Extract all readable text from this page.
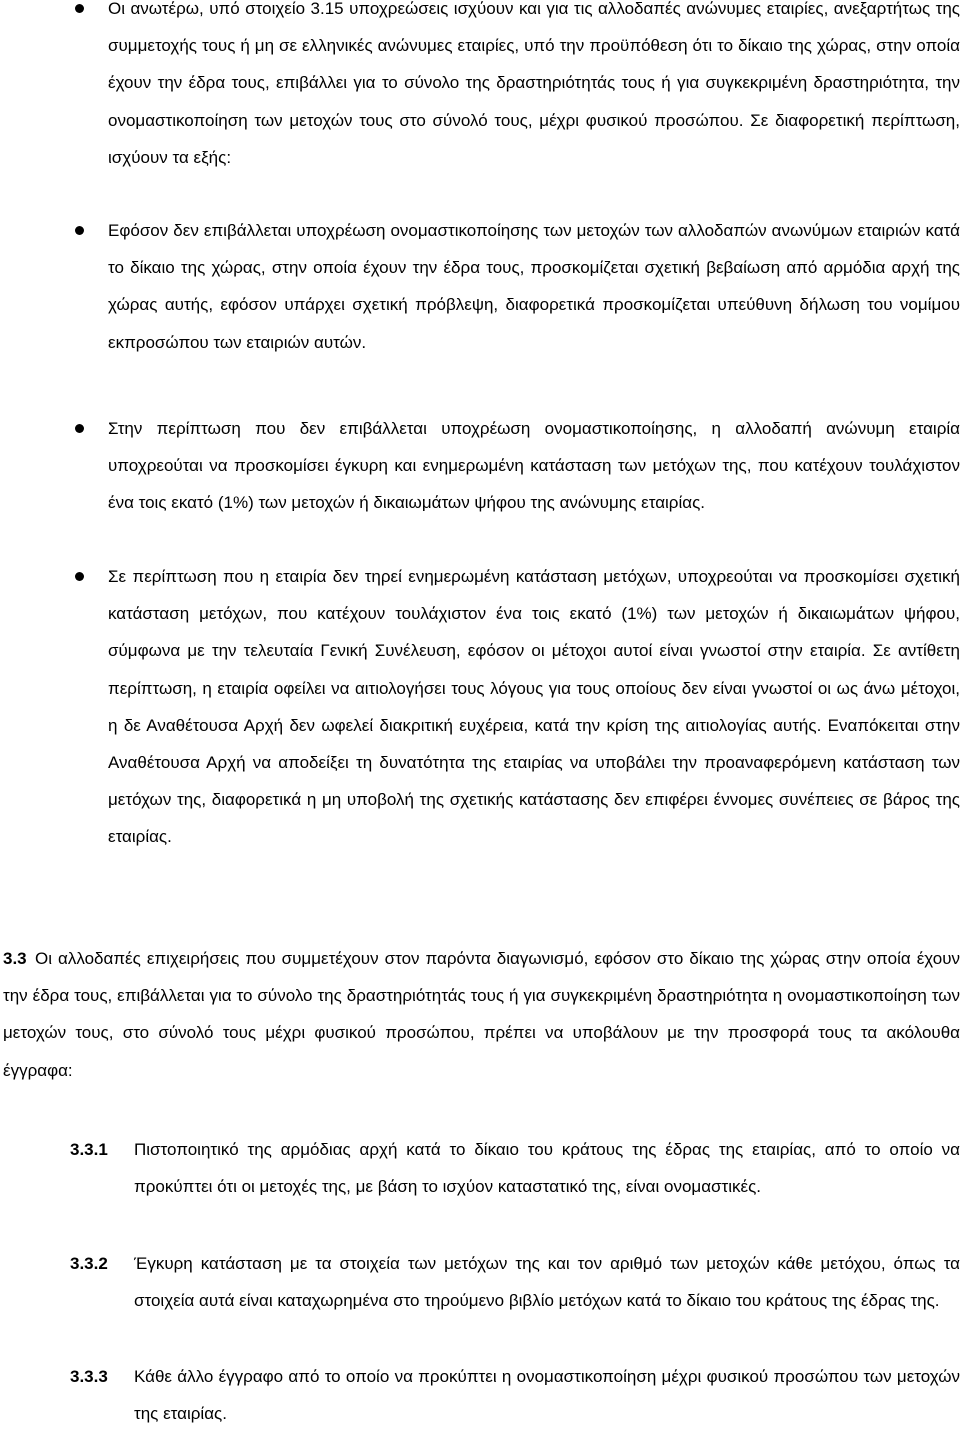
Οι ανωτέρω, υπό στοιχείο 3.15 υποχρεώσεις ισχύουν και για τις αλλοδαπές ανώνυμες εταιρίες, ανεξαρτήτως της συμμετοχής τους ή μη σε ελληνικές ανώνυμες εταιρίες, υπό την προϋπόθεση ότι το δίκαιο της χώρας, στην οποία έχουν την έδρα τους, επιβάλλει για το σύνολο της δραστηριότητάς τους ή για συγκεκριμένη δραστηριότητα, την ονομαστικοποίηση των μετοχών τους στο σύνολό τους, μέχρι φυσικού προσώπου. Σε διαφορετική περίπτωση, ισχύουν τα εξής:

Εφόσον δεν επιβάλλεται υποχρέωση ονομαστικοποίησης των μετοχών των αλλοδαπών ανωνύμων εταιριών κατά το δίκαιο της χώρας, στην οποία έχουν την έδρα τους, προσκομίζεται σχετική βεβαίωση από αρμόδια αρχή της χώρας αυτής, εφόσον υπάρχει σχετική πρόβλεψη, διαφορετικά προσκομίζεται υπεύθυνη δήλωση του νομίμου εκπροσώπου των εταιριών αυτών.

Στην περίπτωση που δεν επιβάλλεται υποχρέωση ονομαστικοποίησης, η αλλοδαπή ανώνυμη εταιρία υποχρεούται να προσκομίσει έγκυρη και ενημερωμένη κατάσταση των μετόχων της, που κατέχουν τουλάχιστον ένα τοις εκατό (1%) των μετοχών ή δικαιωμάτων ψήφου της ανώνυμης εταιρίας.

Σε περίπτωση που η εταιρία δεν τηρεί ενημερωμένη κατάσταση μετόχων, υποχρεούται να προσκομίσει σχετική κατάσταση μετόχων, που κατέχουν τουλάχιστον ένα τοις εκατό (1%) των μετοχών ή δικαιωμάτων ψήφου, σύμφωνα με την τελευταία Γενική Συνέλευση, εφόσον οι μέτοχοι αυτοί είναι γνωστοί στην εταιρία. Σε αντίθετη περίπτωση, η εταιρία οφείλει να αιτιολογήσει τους λόγους για τους οποίους δεν είναι γνωστοί οι ως άνω μέτοχοι, η δε Αναθέτουσα Αρχή δεν ωφελεί διακριτική ευχέρεια, κατά την κρίση της αιτιολογίας αυτής. Εναπόκειται στην Αναθέτουσα Αρχή να αποδείξει τη δυνατότητα της εταιρίας να υποβάλει την προαναφερόμενη κατάσταση των μετόχων της, διαφορετικά η μη υποβολή της σχετικής κατάστασης δεν επιφέρει έννομες συνέπειες σε βάρος της εταιρίας.

3.3 Οι αλλοδαπές επιχειρήσεις που συμμετέχουν στον παρόντα διαγωνισμό, εφόσον στο δίκαιο της χώρας στην οποία έχουν την έδρα τους, επιβάλλεται για το σύνολο της δραστηριότητάς τους ή για συγκεκριμένη δραστηριότητα η ονομαστικοποίηση των μετοχών τους, στο σύνολό τους μέχρι φυσικού προσώπου, πρέπει να υποβάλουν με την προσφορά τους τα ακόλουθα έγγραφα:

3.3.1 Πιστοποιητικό της αρμόδιας αρχή κατά το δίκαιο του κράτους της έδρας της εταιρίας, από το οποίο να προκύπτει ότι οι μετοχές της, με βάση το ισχύον καταστατικό της, είναι ονομαστικές.

3.3.2 Έγκυρη κατάσταση με τα στοιχεία των μετόχων της και τον αριθμό των μετοχών κάθε μετόχου, όπως τα στοιχεία αυτά είναι καταχωρημένα στο τηρούμενο βιβλίο μετόχων κατά το δίκαιο του κράτους της έδρας της.

3.3.3 Κάθε άλλο έγγραφο από το οποίο να προκύπτει η ονομαστικοποίηση μέχρι φυσικού προσώπου των μετοχών της εταιρίας.
